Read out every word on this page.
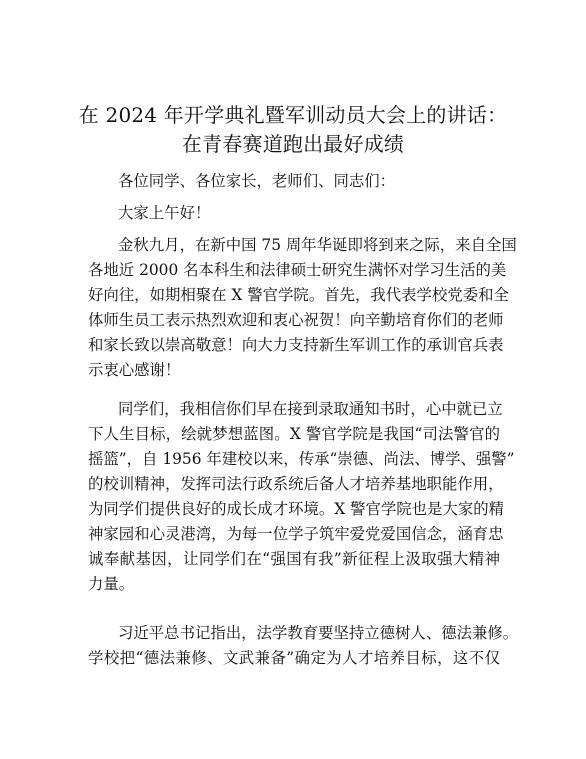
在 2024 年开学典礼暨军训动员大会上的讲话：
在青春赛道跑出最好成绩
各位同学、各位家长，老师们、同志们：
大家上午好！
金秋九月，在新中国 75 周年华诞即将到来之际，来自全国
各地近 2000 名本科生和法律硕士研究生满怀对学习生活的美
好向往，如期相聚在 X 警官学院。首先，我代表学校党委和全
体师生员工表示热烈欢迎和衷心祝贺！向辛勤培育你们的老师
和家长致以崇高敬意！向大力支持新生军训工作的承训官兵表
示衷心感谢！
同学们，我相信你们早在接到录取通知书时，心中就已立
下人生目标，绘就梦想蓝图。X 警官学院是我国“司法警官的
摇篮”，自 1956 年建校以来，传承“崇德、尚法、博学、强警”
的校训精神，发挥司法行政系统后备人才培养基地职能作用，
为同学们提供良好的成长成才环境。X 警官学院也是大家的精
神家园和心灵港湾，为每一位学子筑牢爱党爱国信念，涵育忠
诚奉献基因，让同学们在“强国有我”新征程上汲取强大精神
力量。
习近平总书记指出，法学教育要坚持立德树人、德法兼修。
学校把“德法兼修、文武兼备”确定为人才培养目标，这不仅
